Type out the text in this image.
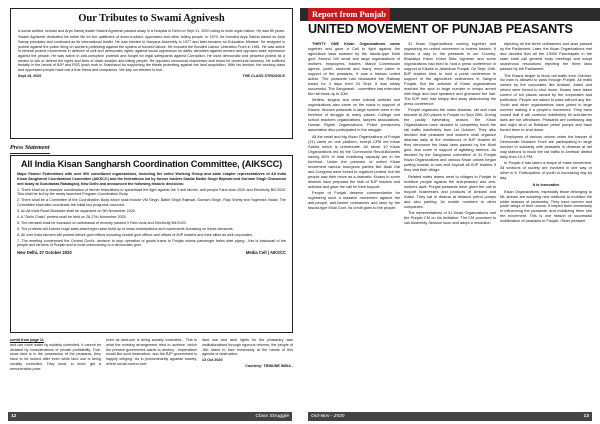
Our Tributes to Swami Agnivesh

A social activist, scholar and Arya Samaj leader Swami Agnivesh passed away in a Hospital in Delhi on Sept 11, 2020 owing to multi organ failure. He was 80 years.

Swami Agnivesh dedicated his entire life for the upliftment of down-trodden, oppressed and other toiling people. In 1970, he founded Arya Sabha based on Arya Samaj principles and continued as its international leader. He was elected to Haryana Assembly in 1977 and later became an Education Minister. He resigned in protest against the police firing on workers protesting against the system of bonded labour. He founded the Bonded Labour Liberation Front in 1981. He was active in several protest movements in defence of civil and democratic rights; against social oppression on dalits; atrocities against women and opposed state repression against the people. He was active in anti-corruption protests and fought for legal safeguards against Corruption. He used democratic and peaceful protest as a means to win or defend the rights and lives of down-trodden and toiling people. He opposed communal chauvinism and stood for communal harmony. He suffered brutally in the hands of BJP and RSS lynch mob in Jharkhand for supporting the tribals protesting against the land acquisition. With his demise, the working class and oppressed people have lost a true friend and companion. We pay our tributes to him.

Sept 15, 2020	THE CLASS STRUGGLE
Press Statement
All India Kisan Sangharsh Coordination Committee, (AIKSCC)

Major Farmer Federations with over 500 constituent organizations, including the entire Working Group and state chapter representatives of All India Kisan Sangharsh Coordination Committee (AIKSCC) and the federations led by former leaders Sardar Balbir Singh Rajewal and Gurnam Singh Charuduni met today at Gurudwara Rakabganj, New Delhi and announced the following historic decisions:

1. There shall be a massive coordination of farmer federations to spearhead the fight against the 3 anti farmer, anti-people Farm Acts 2020 and Electricity Bill 2020. This shall be led by the newly launched Program Coordination Body.

2. There shall be a Committee of the Coordination Body which shall include VM Singh, Balbir Singh Rajewal, Gurnam Singh, Raju Shetty and Yogendra Yadav. The Committee shall take coordinate the initial two programs occurred.

3. An All India Road Blockade shall be organized on 5th November 2020.

4. A "Delhi Chalo" protest shall be held on 26-27th November 2020.

5. The demand shall be focussed on withdrawal of recently passed 3 Farm Acts and Electricity Bill 2020.

6. The protests will include huge state-wise/region-wise build up of mass mobilizations and movements focussing on these demands.

6. All over India farmers will protest before govt offices including central govt offices and offices of BJP leaders and their allies as well corporates.

7. The meeting condemned the Central Govt's. decision to stop operation of goods trains to Punjab unless passenger trains start plying - this is blackmail of the people and farmers of Punjab and is most unbecoming of a democratic govt.

New Delhi, 27 October 2020	Media Cell | AIKSCC
contd from page 11
and use more water by suitably controlled. It cannot be dictated by considerations of private profitability. True, since land is in the possession of the peasants, they have to be looked after even while land use is being socially controlled. They must, in short, get a remunerative price
even as land-use is being socially controlled... This is what the existing arrangement tried to achieve, which the present government wants to destroy... Imperialism would like such destruction; and the BJP government is happily obliging.' As in predominantly agrarian society, where social control over
land use and land rights for the peasantry was institutionalised through rigorous reforms, the people of J&K stand to lose immensely at the hands of this agenda of destruction.
13 Oct 2020
Courtesy: TRIBUNE INDIA -
12	Class Struggle
Report from Punjab
UNITED MOVEMENT OF PUNJAB PEASANTS

THIRTY ONE Kisan Organizations came together and gave a Call to fight against the agriculture laws enacted by the fascist-type Modi govt. Around 100 small and large organizations of workers, employees, traders, Mandi Commission agents, youth, students and many more came in support of the peasants. It was a historic united action. The peasants had blockaded the Railway tracks for 3 days from 24 Sept. It was totally successful. The Sangharsh - committee has extended the rail block up to 20th

Writers, singers and other cultural activists and organizations also came on the roads in support of Kisans. Women peasants in large number were in the forefront of struggle at many places. College and school teachers organizations, lawyers associations, Human Rights Organizations, Police pensioners association also participated in the struggle.

All the small and big Kisan Organizations of Punjab (31) came on one platform, except CPM led Kisan Sabha which is unfortunate. All about 10 Kisan Organizations led by the Communist Revolutionaries having 80% of total mobilizing capacity are in the forefront. Under the pressure of united Kisan movement various bourgeois parties like Akali Dal and Congress were forced to organize protest, but the people saw their move as a dramatic. Kisans in some districts have prepared the lists of BJP leaders and activists and gave the call for their boycott.

People of Punjab deserve commendation for organizing such a massive movement against the anti-people, anti-farmer ordinances and laws by the fascist-type Modi Govt. Its credit goes to the people.

31 Kisan Organizations coming together and organizing an united movement is indeed historic. It shows a way to the peasants in our Country. Bharatiya Kisan Union Ekta Ugrahan and some organizations had tried to hold a press conference in support of Kisans in Jalandhar Punjab. On Sept. 24th, BJP leaders tried to hold a press conference in support of the agriculture ordinances in Sangrur Punjab. But the activists of Kisan organizations reached the spot in large number in tempo armed with flags and loud speakers and gheraoed the hall. The BJP men had simply fled away abandoning the press conference.

People organized the mass dharnas, rail and road blocade at 200 places in Punjab on Sept 25th. During the paddy harvesting season, the Kisan Organizations have decided to completely block the rail traffic indefinitely from 1st October. They also decided that peasants and workers shall organize dharnas daily at the residences of BJP leaders till they denounce the black laws passed by the Modi govt. and come in support of agitating farmers. As decided by the Sangharsh committee of 31 Punjab Kisan Organizations and various Kisan unions began putting boards to ban and boycott all BJP leaders if they visit their village.

Related notes teams went to villages in Punjab to mobilize people against the anti-peasant and anti-workers laws. Punjab peasants have given the call to boycott businesses and products of Ambani and Adani. They sat in dharna at reliance petrol pumps and also parking Jio mobile numbers to other companies.

The representatives of 31 Kisan Organizations met the Punjab CM on his invitation. The CM promised to call Assembly Session soon and adopt a resolution

rejecting all the three ordinances and laws passed by the Parliament. Later, the Kisan Organizations met and decided that all the 13000 Panchayats in the state shall call general body meetings and adopt unanimous resolutions rejecting the three laws passed by the Parliament.

The Kisans began to block rail traffic from October. No train is allowed to pass through Punjab. All malls owned by the corporates like Ambani, Adani and others were forced to shut down. Kisans have taken control of toll plazas owned by the corporates and politicians. People are asked to pass without any fee. Youth and other organizations have joined in large number making it a people's movement. They have vowed that it will continue indefinitely till anti-farmer laws are not withdrawn. Peasants are continuing day and night sit-in at Reliance petrol pumps and have forced them to shut down.

Employees of various unions under the banner of Democratic Mulazim Front are participating in large number in solidarity with peasants in dharnas at rail way stations to block the rail traffic in Amritsar district daily from 10-4 PM.

In Punjab it has taken a shape of mass movement. All sections of society are involved in one way or other in it. Participation of youth is increasing day by day.

It is innovative

Kisan Organizations, especially those belonging to ML stream are adopting new methods to mobilize the wider masses of peasantry. They have women and youth wings of their unions. It helped them immensely in influencing the peasants, and mobilizing them into the movement. This is one reason of successful mobilization of peasants in Punjab. Other peasant

Oct-Nov - 2020	13
